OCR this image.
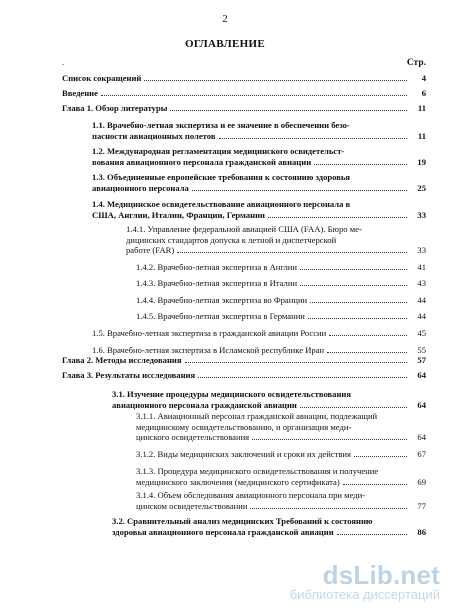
2
ОГЛАВЛЕНИЕ
.	Стр.
Список сокращений	4
Введение	6
Глава 1. Обзор литературы	11
1.1. Врачебно-летная экспертиза и ее значение в обеспечении безо-
пасности авиационных полетов	11
1.2. Международная регламентация медицинского освидетельст-
вования авиационного персонала гражданской авиации	19
1.3. Объединенные европейские требования к состоянию здоровья
авиационного персонала	25
1.4. Медицинское освидетельствование авиационного персонала в
США, Англии, Италии, Франции, Германии	33
1.4.1. Управление федеральной авиацией США (FAA). Бюро ме-
дицинских стандартов допуска к летной и диспетчерской
работе (FAR)	33
1.4.2. Врачебно-летная экспертиза в Англии	41
1.4.3. Врачебно-летная экспертиза в Италии	43
1.4.4. Врачебно-летная экспертиза во Франции	44
1.4.5. Врачебно-летная экспертиза в Германии	44
1.5. Врачебно-летная экспертиза в гражданской авиации России	45
1.6. Врачебно-летная экспертиза в Исламской республике Иран	55
Глава 2. Методы исследования	57
Глава 3. Результаты исследования	64
3.1. Изучение процедуры медицинского освидетельствования
авиационного персонала гражданской авиации	64
3.1.1. Авиационный персонал гражданской авиации, подлежащий
медицинскому освидетельствованию, и организация меди-
цинского освидетельствования	64
3.1.2. Виды медицинских заключений и сроки их действия	67
3.1.3. Процедура медицинского освидетельствования и получение
медицинского заключения (медицинского сертификата)	69
3.1.4. Объем обследования авиационного персонала при меди-
цинском освидетельствовании	77
3.2. Сравнительный анализ медицинских Требований к состоянию
здоровья авиационного персонала гражданской авиации	86
dsLib.net
библиотека диссертаций
